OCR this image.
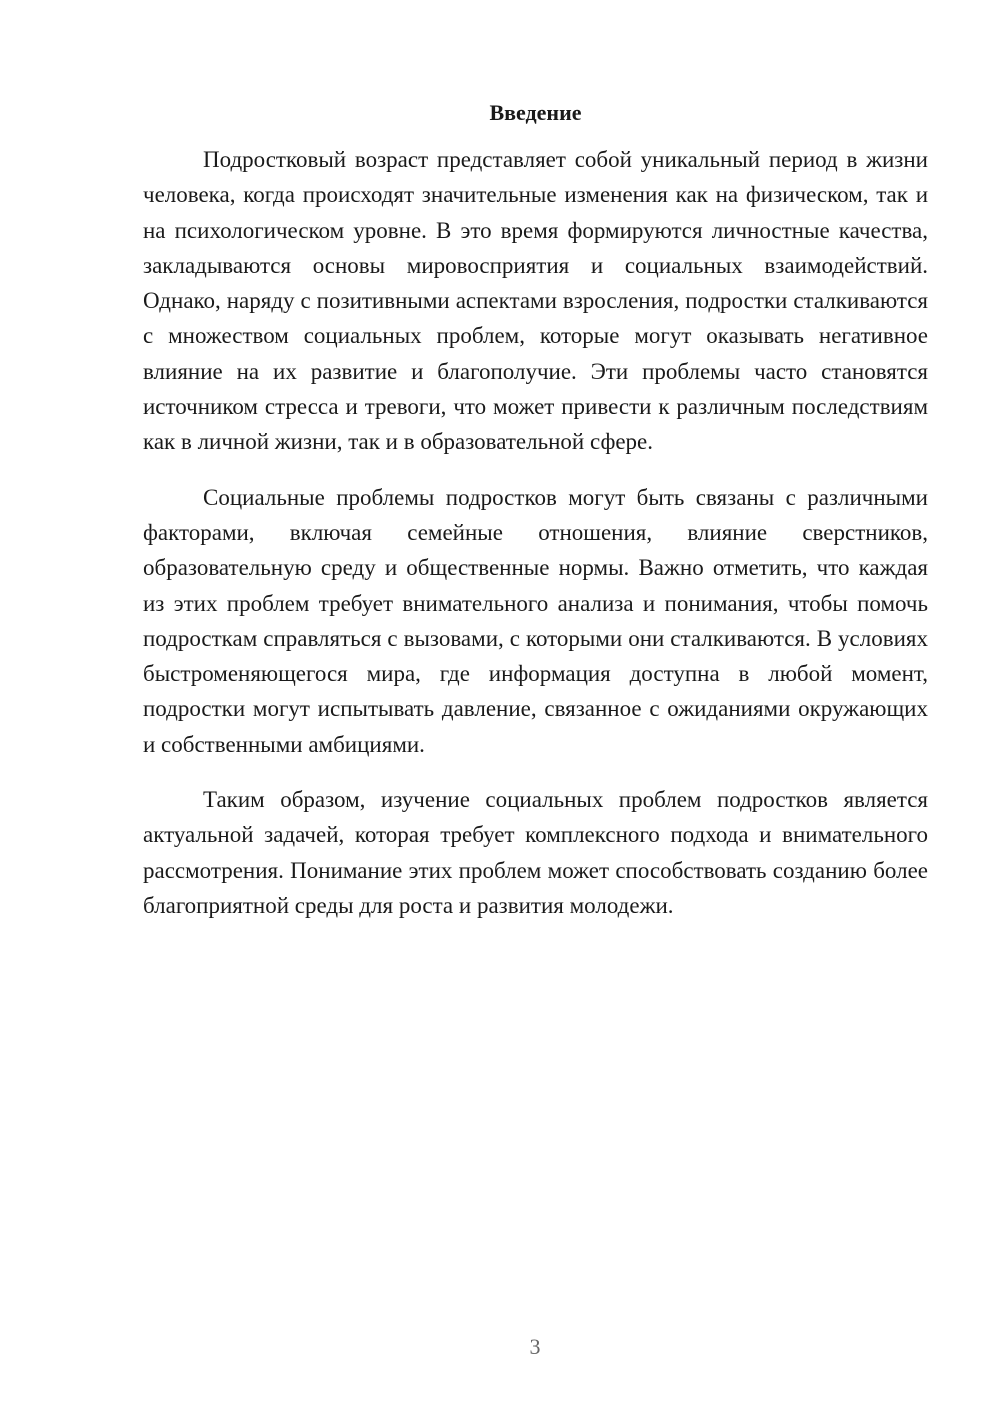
Введение

Подростковый возраст представляет собой уникальный период в жизни человека, когда происходят значительные изменения как на физическом, так и на психологическом уровне. В это время формируются личностные качества, закладываются основы мировосприятия и социальных взаимодействий. Однако, наряду с позитивными аспектами взросления, подростки сталкиваются с множеством социальных проблем, которые могут оказывать негативное влияние на их развитие и благополучие. Эти проблемы часто становятся источником стресса и тревоги, что может привести к различным последствиям как в личной жизни, так и в образовательной сфере.

Социальные проблемы подростков могут быть связаны с различными факторами, включая семейные отношения, влияние сверстников, образовательную среду и общественные нормы. Важно отметить, что каждая из этих проблем требует внимательного анализа и понимания, чтобы помочь подросткам справляться с вызовами, с которыми они сталкиваются. В условиях быстроменяющегося мира, где информация доступна в любой момент, подростки могут испытывать давление, связанное с ожиданиями окружающих и собственными амбициями.

Таким образом, изучение социальных проблем подростков является актуальной задачей, которая требует комплексного подхода и внимательного рассмотрения. Понимание этих проблем может способствовать созданию более благоприятной среды для роста и развития молодежи.

3
